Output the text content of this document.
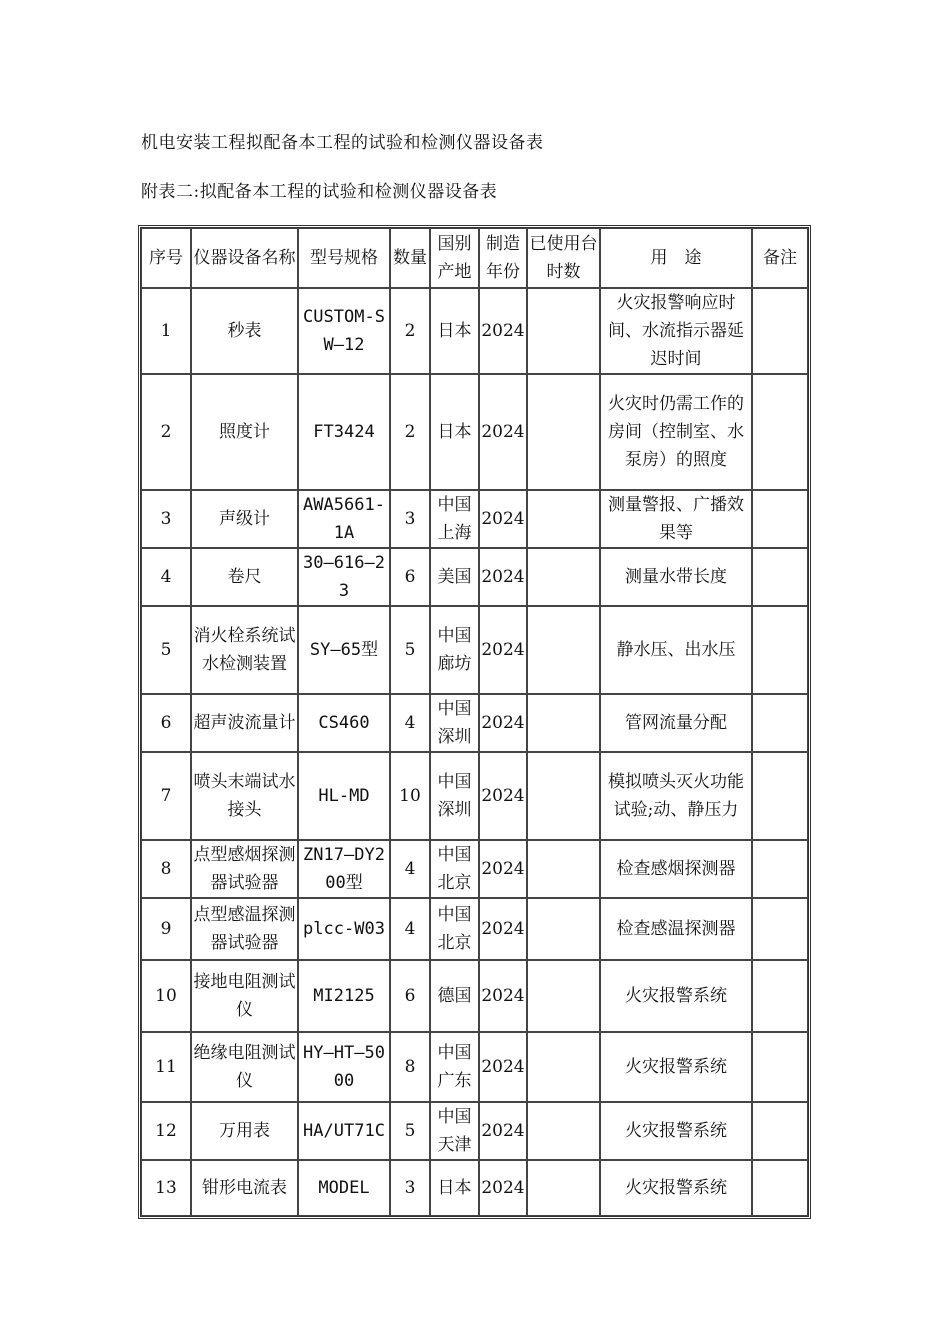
机电安装工程拟配备本工程的试验和检测仪器设备表
附表二:拟配备本工程的试验和检测仪器设备表
序号	仪器设备名称	型号规格	数量	国别产地	制造年份	已使用台时数	用　途	备注
1	秒表	CUSTOM-SW—12	2	日本	2024		火灾报警响应时间、水流指示器延迟时间	
2	照度计	FT3424	2	日本	2024		火灾时仍需工作的房间（控制室、水泵房）的照度	
3	声级计	AWA5661-1A	3	中国上海	2024		测量警报、广播效果等	
4	卷尺	30—616—23	6	美国	2024		测量水带长度	
5	消火栓系统试水检测装置	SY—65型	5	中国廊坊	2024		静水压、出水压	
6	超声波流量计	CS460	4	中国深圳	2024		管网流量分配	
7	喷头末端试水接头	HL-MD	10	中国深圳	2024		模拟喷头灭火功能试验;动、静压力	
8	点型感烟探测器试验器	ZN17—DY200型	4	中国北京	2024		检查感烟探测器	
9	点型感温探测器试验器	plcc-W03	4	中国北京	2024		检查感温探测器	
10	接地电阻测试仪	MI2125	6	德国	2024		火灾报警系统	
11	绝缘电阻测试仪	HY—HT—5000	8	中国广东	2024		火灾报警系统	
12	万用表	HA/UT71C	5	中国天津	2024		火灾报警系统	
13	钳形电流表	MODEL	3	日本	2024		火灾报警系统	
